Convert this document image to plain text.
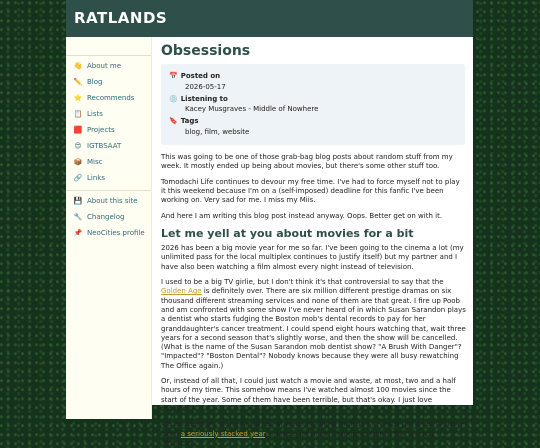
RATLANDS
👋 About me
✏️ Blog
⭐ Recommends
📋 Lists
🟥 Projects
😍 IGTBSAAT
📦 Misc
🔗 Links
💾 About this site
🔧 Changelog
📌 NeoCities profile
Obsessions
📅 Posted on
2026-05-17
💿 Listening to
Kacey Musgraves - Middle of Nowhere
🔖 Tags
blog, film, website

This was going to be one of those grab-bag blog posts about random stuff from my week. It mostly ended up being about movies, but there's some other stuff too.

Tomodachi Life continues to devour my free time. I've had to force myself not to play it this weekend because I'm on a (self-imposed) deadline for this fanfic I've been working on. Very sad for me. I miss my Miis.

And here I am writing this blog post instead anyway. Oops. Better get on with it.

Let me yell at you about movies for a bit

2026 has been a big movie year for me so far. I've been going to the cinema a lot (my unlimited pass for the local multiplex continues to justify itself) but my partner and I have also been watching a film almost every night instead of television.

I used to be a big TV girlie, but I don't think it's that controversial to say that the Golden Age is definitely over. There are six million different prestige dramas on six thousand different streaming services and none of them are that great. I fire up Poob and am confronted with some show I've never heard of in which Susan Sarandon plays a dentist who starts fudging the Boston mob's dental records to pay for her granddaughter's cancer treatment. I could spend eight hours watching that, wait three years for a second season that's slightly worse, and then the show will be cancelled. (What is the name of the Susan Sarandon mob dentist show? "A Brush With Danger"? "Impacted"? "Boston Dental"? Nobody knows because they were all busy rewatching The Office again.)

Or, instead of all that, I could just watch a movie and waste, at most, two and a half hours of my time. This somehow means I've watched almost 100 movies since the start of the year. Some of them have been terrible, but that's okay. I just love movies!!!

We accidentally started a streak of watching films from 1997, which turns out to have been a seriously stacked year. I have a lot of old favourites from 1997 already (Princess
